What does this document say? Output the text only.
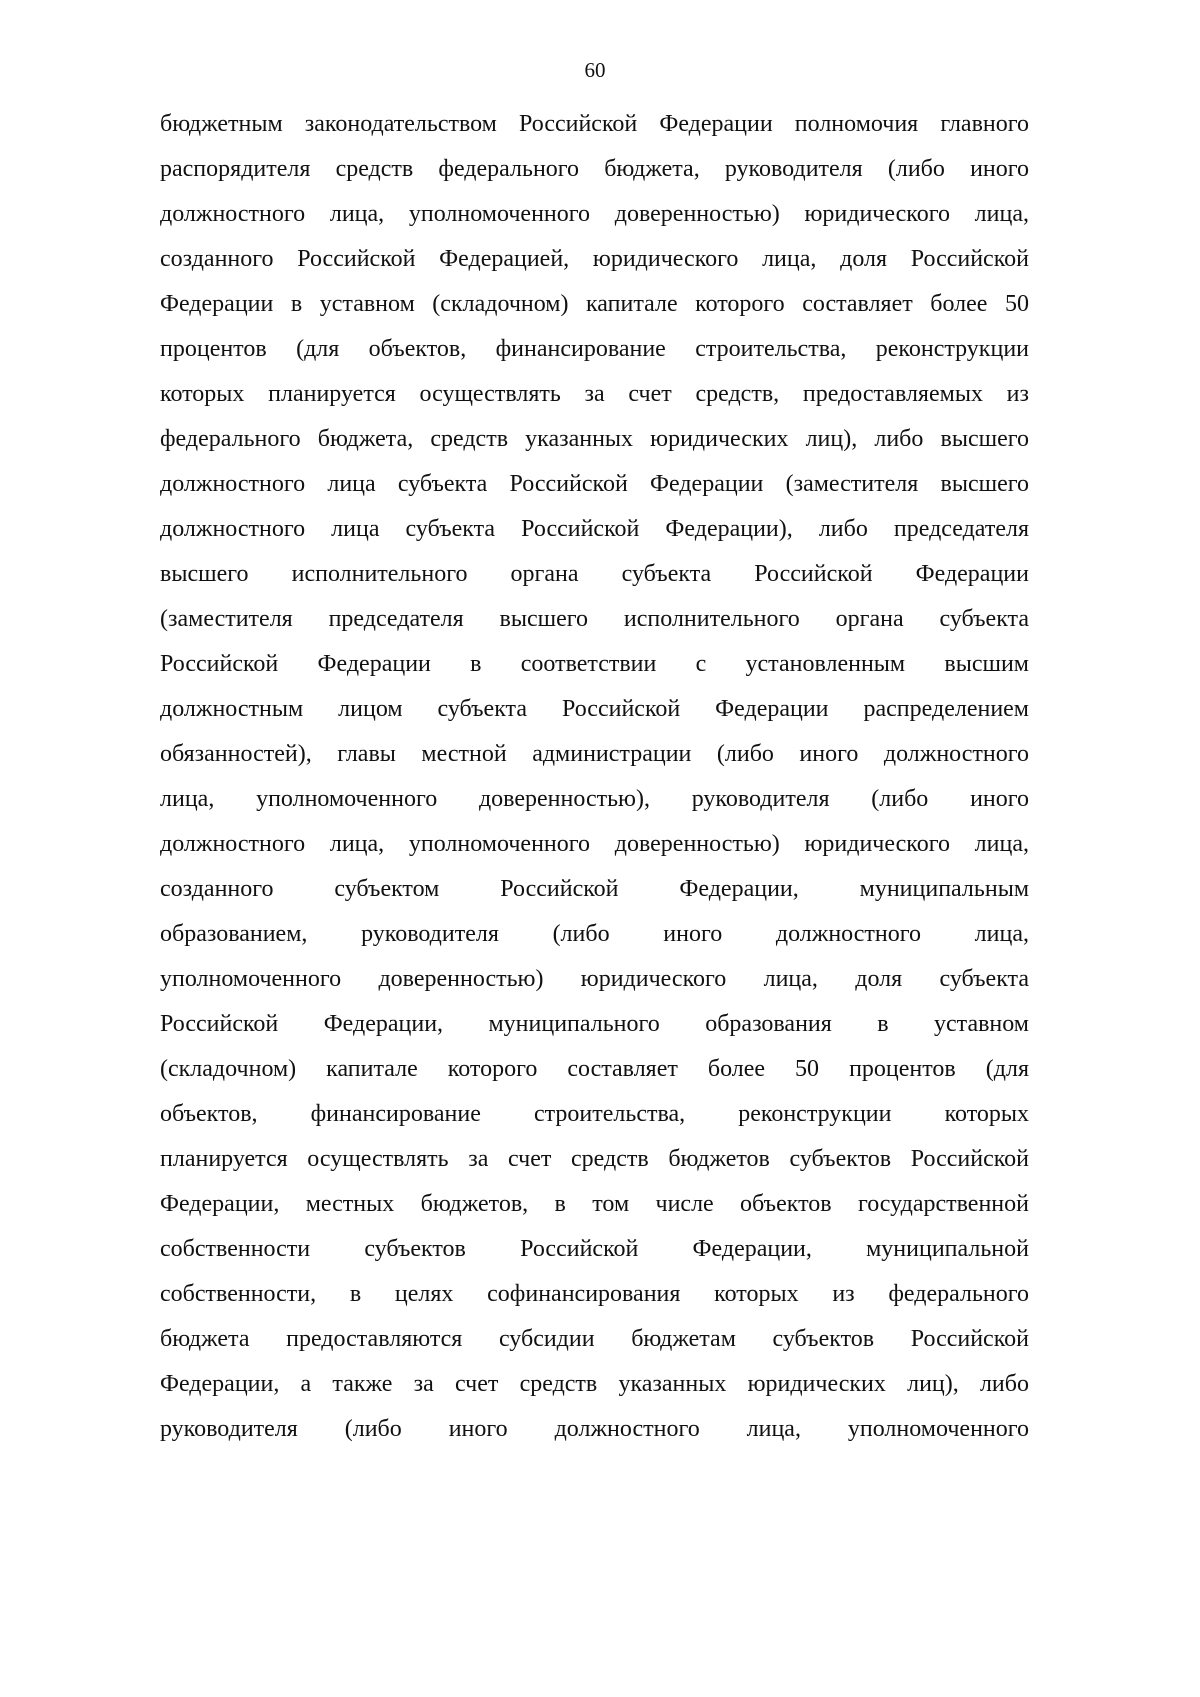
60
бюджетным законодательством Российской Федерации полномочия главного
распорядителя средств федерального бюджета, руководителя (либо иного
должностного лица, уполномоченного доверенностью) юридического лица,
созданного Российской Федерацией, юридического лица, доля Российской
Федерации в уставном (складочном) капитале которого составляет более 50
процентов (для объектов, финансирование строительства, реконструкции
которых планируется осуществлять за счет средств, предоставляемых из
федерального бюджета, средств указанных юридических лиц), либо высшего
должностного лица субъекта Российской Федерации (заместителя высшего
должностного лица субъекта Российской Федерации), либо председателя
высшего исполнительного органа субъекта Российской Федерации
(заместителя председателя высшего исполнительного органа субъекта
Российской Федерации в соответствии с установленным высшим
должностным лицом субъекта Российской Федерации распределением
обязанностей), главы местной администрации (либо иного должностного
лица, уполномоченного доверенностью), руководителя (либо иного
должностного лица, уполномоченного доверенностью) юридического лица,
созданного субъектом Российской Федерации, муниципальным
образованием, руководителя (либо иного должностного лица,
уполномоченного доверенностью) юридического лица, доля субъекта
Российской Федерации, муниципального образования в уставном
(складочном) капитале которого составляет более 50 процентов (для
объектов, финансирование строительства, реконструкции которых
планируется осуществлять за счет средств бюджетов субъектов Российской
Федерации, местных бюджетов, в том числе объектов государственной
собственности субъектов Российской Федерации, муниципальной
собственности, в целях софинансирования которых из федерального
бюджета предоставляются субсидии бюджетам субъектов Российской
Федерации, а также за счет средств указанных юридических лиц), либо
руководителя (либо иного должностного лица, уполномоченного
